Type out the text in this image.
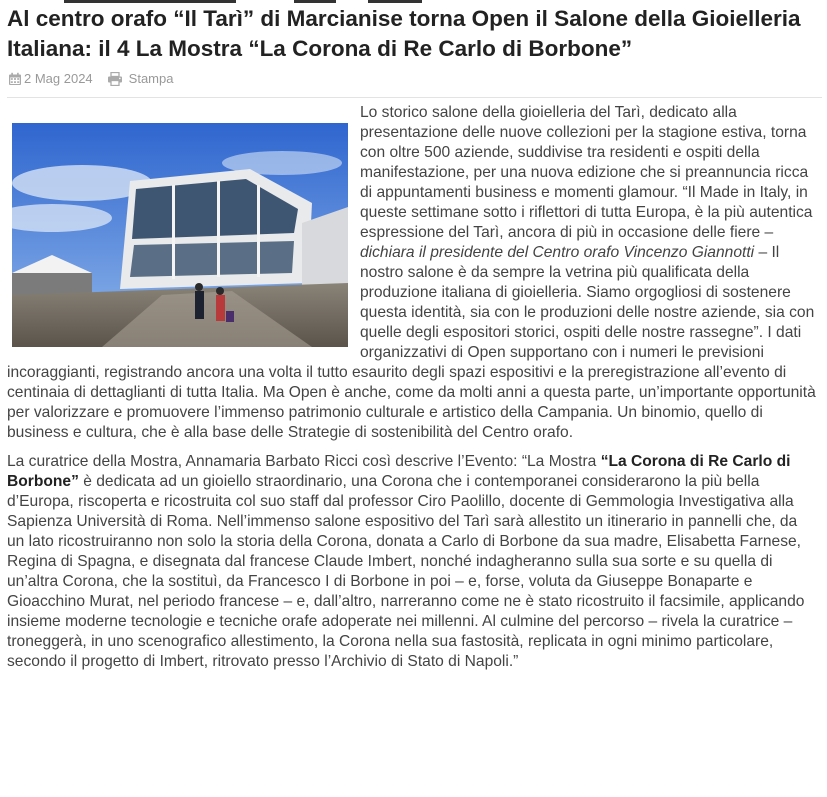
Al centro orafo “Il Tarì” di Marcianise torna Open il Salone della Gioielleria Italiana: il 4 La Mostra “La Corona di Re Carlo di Borbone”
2 Mag 2024	Stampa

Lo storico salone della gioielleria del Tarì, dedicato alla presentazione delle nuove collezioni per la stagione estiva, torna con oltre 500 aziende, suddivise tra residenti e ospiti della manifestazione, per una nuova edizione che si preannuncia ricca di appuntamenti business e momenti glamour. “Il Made in Italy, in queste settimane sotto i riflettori di tutta Europa, è la più autentica espressione del Tarì, ancora di più in occasione delle fiere – dichiara il presidente del Centro orafo Vincenzo Giannotti – Il nostro salone è da sempre la vetrina più qualificata della produzione italiana di gioielleria. Siamo orgogliosi di sostenere questa identità, sia con le produzioni delle nostre aziende, sia con quelle degli espositori storici, ospiti delle nostre rassegne”. I dati organizzativi di Open supportano con i numeri le previsioni incoraggianti, registrando ancora una volta il tutto esaurito degli spazi espositivi e la preregistrazione all’evento di centinaia di dettaglianti di tutta Italia. Ma Open è anche, come da molti anni a questa parte, un’importante opportunità per valorizzare e promuovere l’immenso patrimonio culturale e artistico della Campania. Un binomio, quello di business e cultura, che è alla base delle Strategie di sostenibilità del Centro orafo.

La curatrice della Mostra, Annamaria Barbato Ricci così descrive l’Evento: “La Mostra “La Corona di Re Carlo di Borbone” è dedicata ad un gioiello straordinario, una Corona che i contemporanei considerarono la più bella d’Europa, riscoperta e ricostruita col suo staff dal professor Ciro Paolillo, docente di Gemmologia Investigativa alla Sapienza Università di Roma. Nell’immenso salone espositivo del Tarì sarà allestito un itinerario in pannelli che, da un lato ricostruiranno non solo la storia della Corona, donata a Carlo di Borbone da sua madre, Elisabetta Farnese, Regina di Spagna, e disegnata dal francese Claude Imbert, nonché indagheranno sulla sua sorte e su quella di un’altra Corona, che la sostituì, da Francesco I di Borbone in poi – e, forse, voluta da Giuseppe Bonaparte e Gioacchino Murat, nel periodo francese – e, dall’altro, narreranno come ne è stato ricostruito il facsimile, applicando insieme moderne tecnologie e tecniche orafe adoperate nei millenni. Al culmine del percorso – rivela la curatrice – troneggerà, in uno scenografico allestimento, la Corona nella sua fastosità, replicata in ogni minimo particolare, secondo il progetto di Imbert, ritrovato presso l’Archivio di Stato di Napoli.”
